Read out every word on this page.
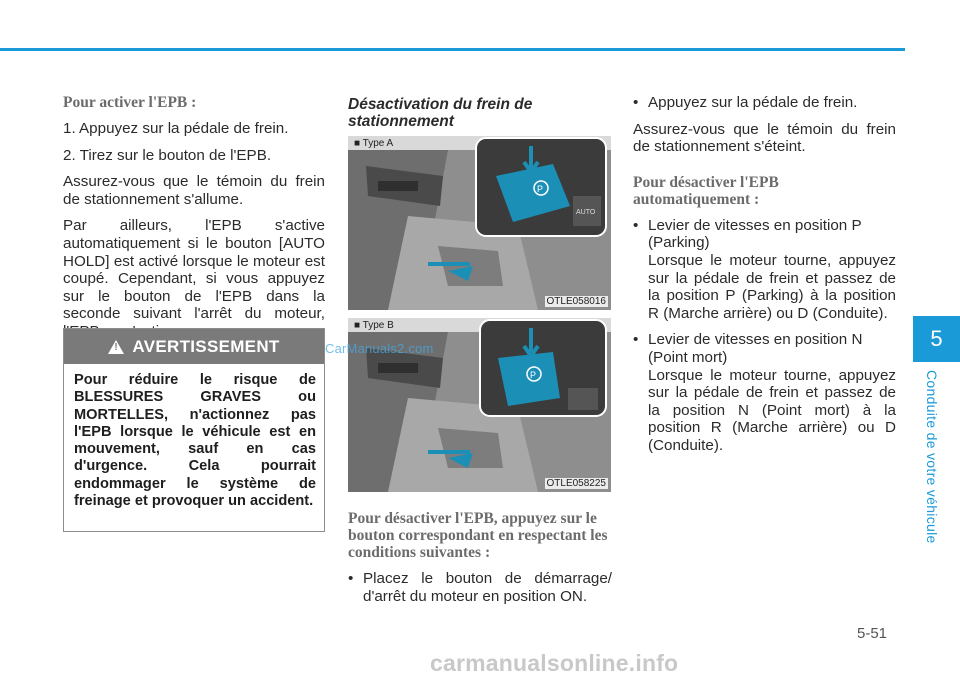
Pour activer l'EPB :

1. Appuyez sur la pédale de frein.

2. Tirez sur le bouton de l'EPB.

Assurez-vous que le témoin du frein de stationnement s'allume.

Par ailleurs, l'EPB s'active automatiquement si le bouton [AUTO HOLD] est activé lorsque le moteur est coupé. Cependant, si vous appuyez sur le bouton de l'EPB dans la seconde suivant l'arrêt du moteur,

!
AVERTISSEMENT
Pour réduire le risque de BLESSURES GRAVES ou MORTELLES, n'actionnez pas l'EPB lorsque le véhicule est en mouvement, sauf en cas d'urgence. Cela pourrait endommager le système de freinage et provoquer un accident.

Désactivation du frein de stationnement

■ Type A
P
AUTO
OTLE058016
■ Type B
P
OTLE058225

Pour désactiver l'EPB, appuyez sur le bouton correspondant en respectant les conditions suivantes :

• Placez le bouton de démarrage/ d'arrêt du moteur en position ON.

• Appuyez sur la pédale de frein.

Assurez-vous que le témoin du frein de stationnement s'éteint.

Pour désactiver l'EPB automatiquement :

• Levier de vitesses en position P (Parking)

Lorsque le moteur tourne, appuyez sur la pédale de frein et passez de la position P (Parking) à la position R (Marche arrière) ou D (Conduite).

• Levier de vitesses en position N (Point mort)

Lorsque le moteur tourne, appuyez sur la pédale de frein et passez de la position N (Point mort) à la position R (Marche arrière) ou D (Conduite).

CarManuals2.com	5
Conduite de votre véhicule
5-51
carmanualsonline.info
